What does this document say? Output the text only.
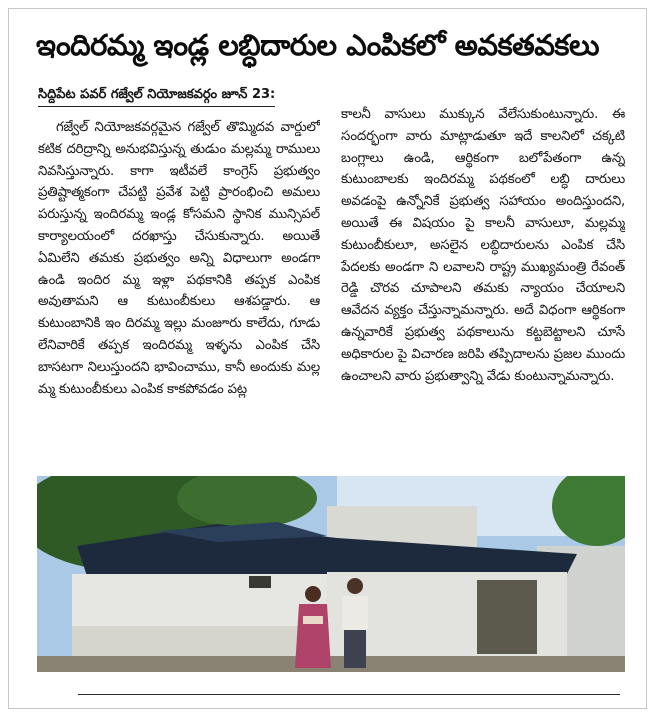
ఇందిరమ్మ ఇండ్ల లబ్ధిదారుల ఎంపికలో అవకతవకలు
సిద్దిపేట పవర్ గజ్వేల్ నియోజకవర్గం జూన్ 23:

గజ్వేల్ నియోజకవర్గమైన గజ్వేల్ తొమ్మిదవ వార్డులో కటిక దరిద్రాన్ని అనుభవిస్తున్న తుడుం మల్లమ్మ రాములు నివసిస్తున్నారు. కాగా ఇటీవలే కాంగ్రెస్ ప్రభుత్వం ప్రతిష్టాత్మకంగా చేపట్టి ప్రవేశ పెట్టి ప్రారంభించి అమలు పరుస్తున్న ఇందిరమ్మ ఇండ్ల కోసమని స్థానిక మున్సిపల్ కార్యాలయంలో దరఖాస్తు చేసుకున్నారు. అయితే ఏమిలేని తమకు ప్రభుత్వం అన్ని విధాలుగా అండగా ఉండి ఇందిర మ్మ ఇళ్లా పథకానికి తప్పక ఎంపిక అవుతామని ఆ కుటుంబీకులు ఆశపడ్డారు. ఆ కుటుంబానికి ఇం దిరమ్మ ఇల్లు మంజూరు కాలేదు, గూడు లేనివారికే తప్పక ఇందిరమ్మ ఇళ్ళను ఎంపిక చేసి బాసటగా నిలుస్తుందని భావించాము, కానీ అందుకు మల్ల మ్మ కుటుంబీకులు ఎంపిక కాకపోవడం పట్ల

కాలనీ వాసులు ముక్కున వేలేసుకుంటున్నారు. ఈ సందర్భంగా వారు మాట్లాడుతూ ఇదే కాలనిలో చక్కటి బంగ్లాలు ఉండి, ఆర్థికంగా బలోపేతంగా ఉన్న కుటుంబాలకు ఇందిరమ్మ పథకంలో లబ్ధి దారులు అవడంపై ఉన్నోనికే ప్రభుత్వ సహాయం అందిస్తుందని, అయితే ఈ విషయం పై కాలనీ వాసులూ, మల్లమ్మ కుటుంబీకులూ, అసలైన లబ్ధిదారులను ఎంపిక చేసి పేదలకు అండగా ని లవాలని రాష్ట్ర ముఖ్యమంత్రి రేవంత్ రెడ్డి చొరవ చూపాలని తమకు న్యాయం చేయాలని ఆవేదన వ్యక్తం చేస్తున్నామన్నారు. అదే విధంగా ఆర్థికంగా ఉన్నవారికే ప్రభుత్వ పథకాలును కట్టబెట్టాలని చూసే అధికారుల పై విచారణ జరిపి తప్పిదాలను ప్రజల ముందు ఉంచాలని వారు ప్రభుత్వాన్ని వేడు కుంటున్నామన్నారు.
